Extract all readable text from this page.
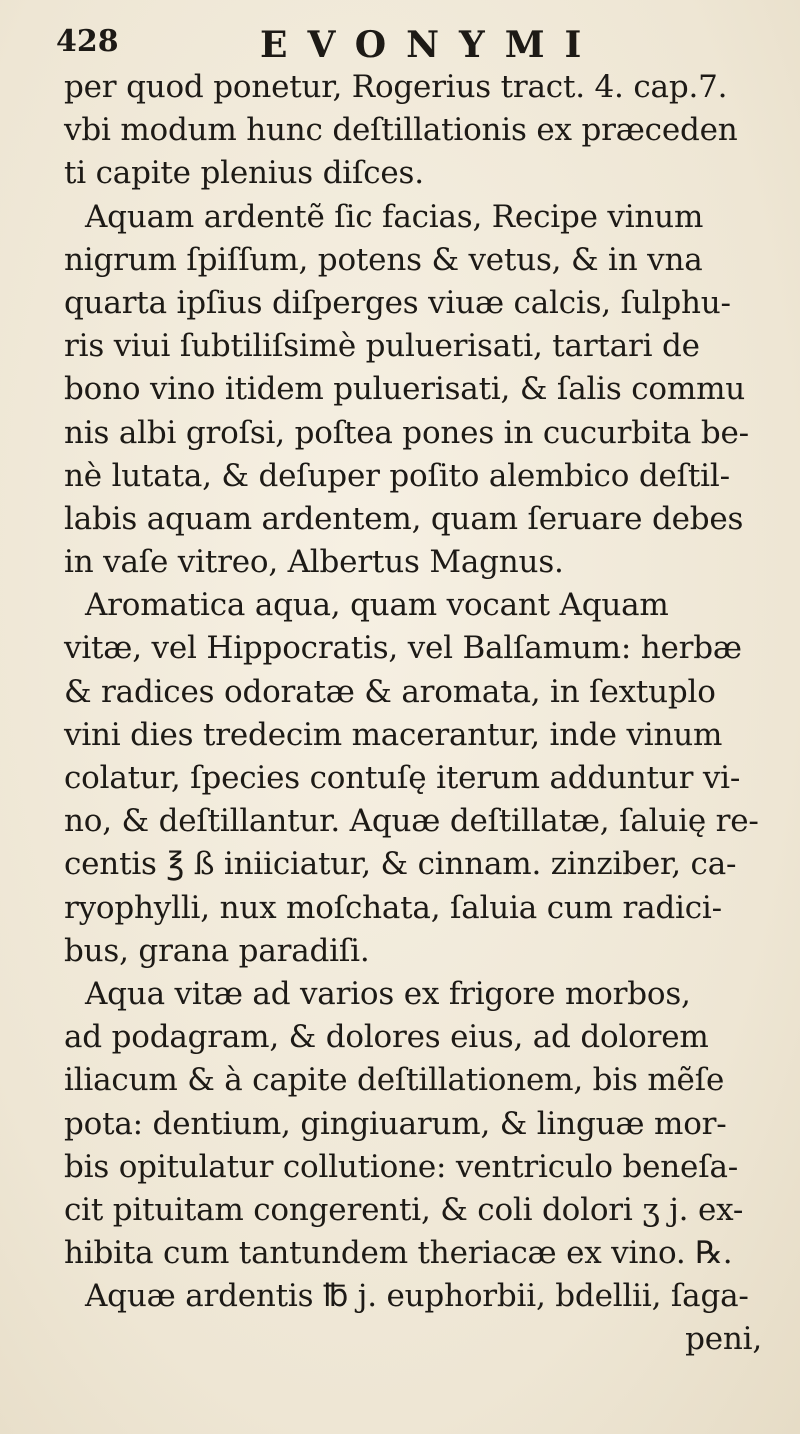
428	EVONYMI
per quod ponetur, Rogerius tract. 4. cap.7.
vbi modum hunc deſtillationis ex præceden
ti capite plenius diſces.
Aquam ardentẽ ſic facias, Recipe vinum
nigrum ſpiſſum, potens & vetus, & in vna
quarta ipſius diſperges viuæ calcis, ſulphu-
ris viui ſubtiliſsimè puluerisati, tartari de
bono vino itidem puluerisati, & ſalis commu
nis albi groſsi, poſtea pones in cucurbita be-
nè lutata, & deſuper poſito alembico deſtil-
labis aquam ardentem, quam ſeruare debes
in vaſe vitreo, Albertus Magnus.
Aromatica aqua, quam vocant Aquam
vitæ, vel Hippocratis, vel Balſamum: herbæ
& radices odoratæ & aromata, in ſextuplo
vini dies tredecim macerantur, inde vinum
colatur, ſpecies contuſę iterum adduntur vi-
no, & deſtillantur. Aquæ deſtillatæ, ſaluię re-
centis ℥ ß iniiciatur, & cinnam. zinziber, ca-
ryophylli, nux moſchata, ſaluia cum radici-
bus, grana paradiſi.
Aqua vitæ ad varios ex frigore morbos,
ad podagram, & dolores eius, ad dolorem
iliacum & à capite deſtillationem, bis mẽſe
pota: dentium, gingiuarum, & linguæ mor-
bis opitulatur collutione: ventriculo beneſa-
cit pituitam congerenti, & coli dolori ʒ j. ex-
hibita cum tantundem theriacæ ex vino. ℞.
Aquæ ardentis ℔ j. euphorbii, bdellii, ſaga-
peni,
